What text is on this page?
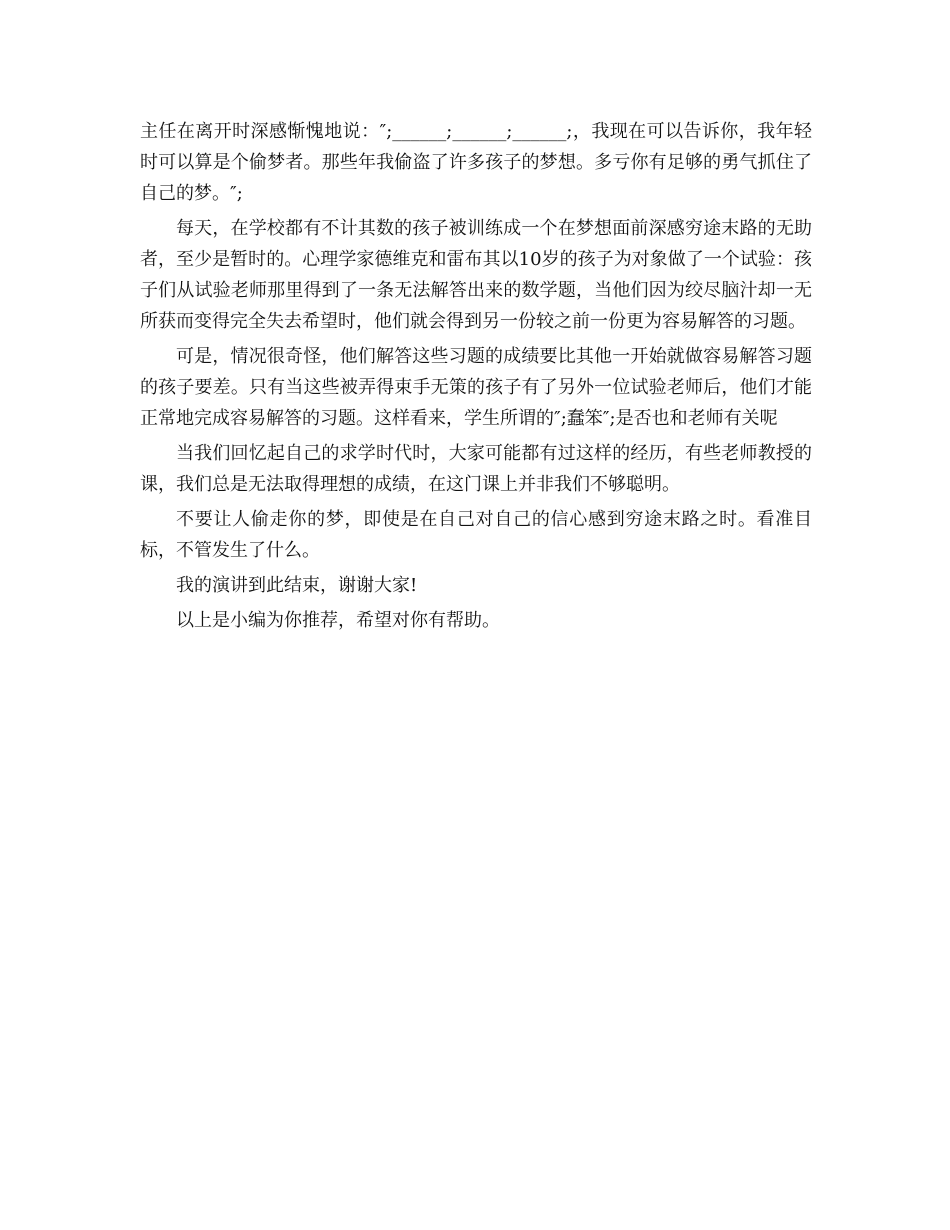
主任在离开时深感惭愧地说：″;______;______;______;，我现在可以告诉你，我年轻时可以算是个偷梦者。那些年我偷盗了许多孩子的梦想。多亏你有足够的勇气抓住了自己的梦。″;

每天，在学校都有不计其数的孩子被训练成一个在梦想面前深感穷途末路的无助者，至少是暂时的。心理学家德维克和雷布其以10岁的孩子为对象做了一个试验：孩子们从试验老师那里得到了一条无法解答出来的数学题，当他们因为绞尽脑汁却一无所获而变得完全失去希望时，他们就会得到另一份较之前一份更为容易解答的习题。

可是，情况很奇怪，他们解答这些习题的成绩要比其他一开始就做容易解答习题的孩子要差。只有当这些被弄得束手无策的孩子有了另外一位试验老师后，他们才能正常地完成容易解答的习题。这样看来，学生所谓的″;蠢笨″;是否也和老师有关呢

当我们回忆起自己的求学时代时，大家可能都有过这样的经历，有些老师教授的课，我们总是无法取得理想的成绩，在这门课上并非我们不够聪明。

不要让人偷走你的梦，即使是在自己对自己的信心感到穷途末路之时。看准目标，不管发生了什么。

我的演讲到此结束，谢谢大家!

以上是小编为你推荐，希望对你有帮助。
